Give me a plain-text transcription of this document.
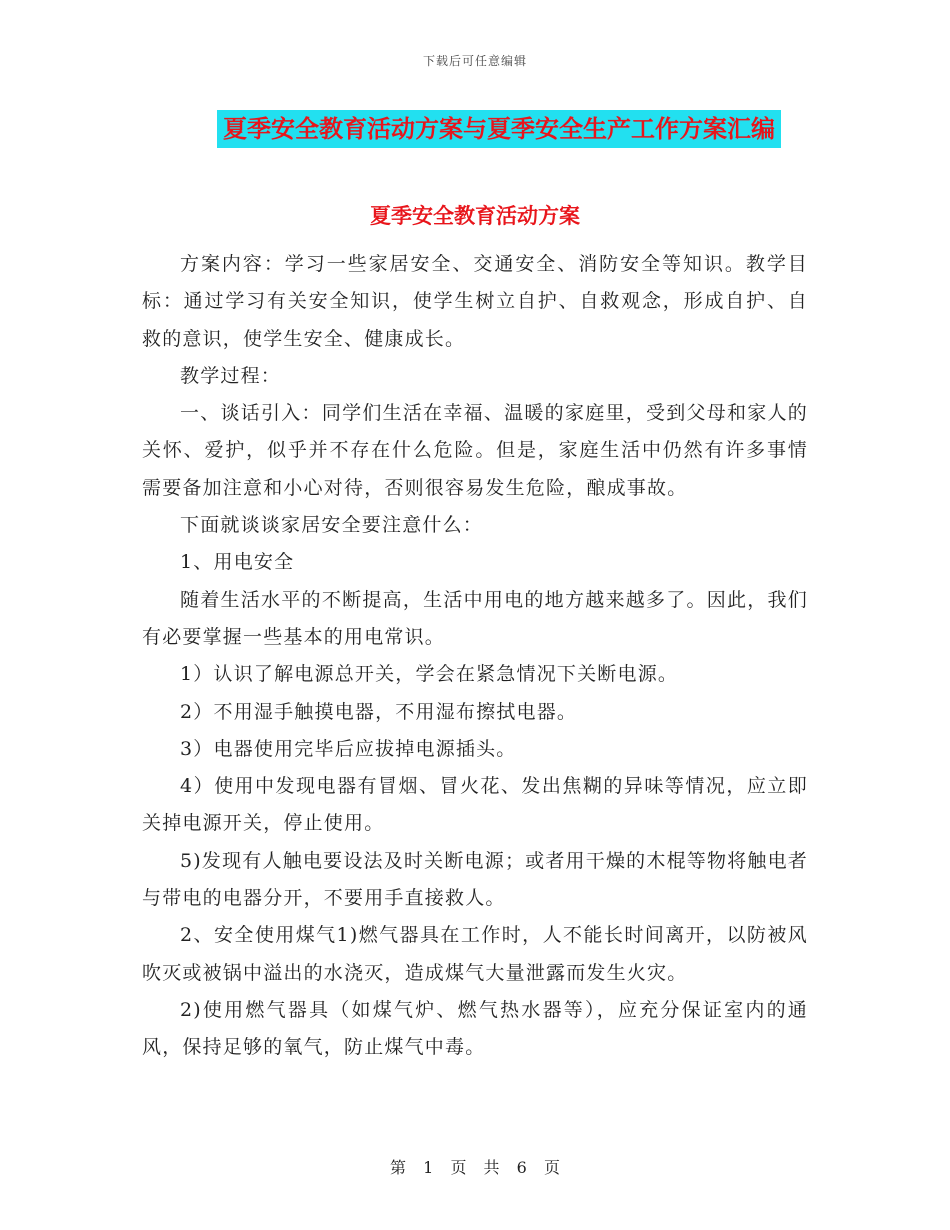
下载后可任意编辑
夏季安全教育活动方案与夏季安全生产工作方案汇编
夏季安全教育活动方案

方案内容：学习一些家居安全、交通安全、消防安全等知识。教学目标：通过学习有关安全知识，使学生树立自护、自救观念，形成自护、自救的意识，使学生安全、健康成长。

教学过程：

一、谈话引入：同学们生活在幸福、温暖的家庭里，受到父母和家人的关怀、爱护，似乎并不存在什么危险。但是，家庭生活中仍然有许多事情需要备加注意和小心对待，否则很容易发生危险，酿成事故。

下面就谈谈家居安全要注意什么：

1、用电安全

随着生活水平的不断提高，生活中用电的地方越来越多了。因此，我们有必要掌握一些基本的用电常识。

1）认识了解电源总开关，学会在紧急情况下关断电源。

2）不用湿手触摸电器，不用湿布擦拭电器。

3）电器使用完毕后应拔掉电源插头。

4）使用中发现电器有冒烟、冒火花、发出焦糊的异味等情况，应立即关掉电源开关，停止使用。

5)发现有人触电要设法及时关断电源；或者用干燥的木棍等物将触电者与带电的电器分开，不要用手直接救人。

2、安全使用煤气1)燃气器具在工作时，人不能长时间离开，以防被风吹灭或被锅中溢出的水浇灭，造成煤气大量泄露而发生火灾。

2)使用燃气器具（如煤气炉、燃气热水器等），应充分保证室内的通风，保持足够的氧气，防止煤气中毒。

第 1 页 共 6 页
